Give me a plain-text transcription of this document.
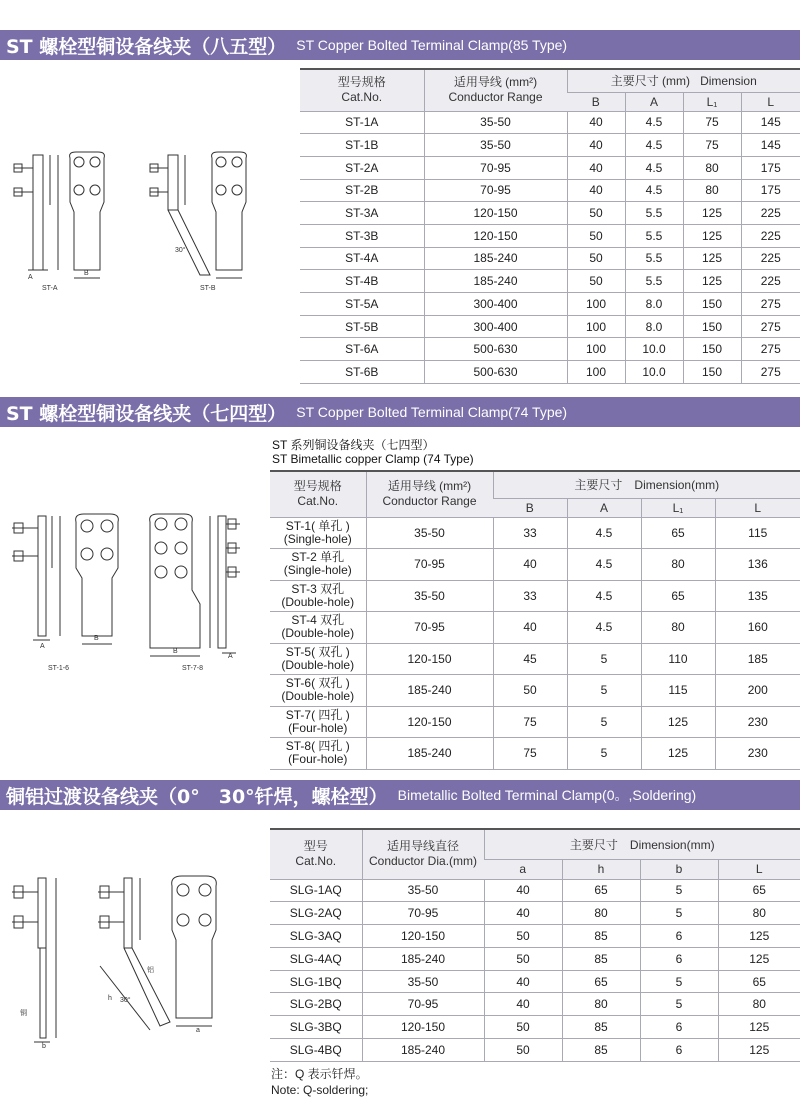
ST 螺栓型铜设备线夹（八五型） ST Copper Bolted Terminal Clamp(85 Type)
A
B
30°
ST-A	ST-B
型号规格
Cat.No.	适用导线 (mm²)
Conductor Range	主要尺寸 (mm) Dimension			
		B	A	L₁	L
ST-1A	35-50	40	4.5	75	145
ST-1B	35-50	40	4.5	75	145
ST-2A	70-95	40	4.5	80	175
ST-2B	70-95	40	4.5	80	175
ST-3A	120-150	50	5.5	125	225
ST-3B	120-150	50	5.5	125	225
ST-4A	185-240	50	5.5	125	225
ST-4B	185-240	50	5.5	125	225
ST-5A	300-400	100	8.0	150	275
ST-5B	300-400	100	8.0	150	275
ST-6A	500-630	100	10.0	150	275
ST-6B	500-630	100	10.0	150	275
ST 螺栓型铜设备线夹（七四型） ST Copper Bolted Terminal Clamp(74 Type)
ST 系列铜设备线夹（七四型）
ST Bimetallic copper Clamp (74 Type)
A
B
B
A
ST-1-6	ST-7-8
型号规格
Cat.No.	适用导线 (mm²)
Conductor Range	主要尺寸　Dimension(mm)			
		B	A	L₁	L

ST-1( 单孔 )
(Single-hole)	35-50	33	4.5	65	115

ST-2 单孔
(Single-hole)	70-95	40	4.5	80	136

ST-3 双孔
(Double-hole)	35-50	33	4.5	65	135

ST-4 双孔
(Double-hole)	70-95	40	4.5	80	160

ST-5( 双孔 )
(Double-hole)	120-150	45	5	110	185

ST-6( 双孔 )
(Double-hole)	185-240	50	5	115	200

ST-7( 四孔 )
(Four-hole)	120-150	75	5	125	230

ST-8( 四孔 )
(Four-hole)	185-240	75	5	125	230
铜铝过渡设备线夹（0°　30°钎焊，螺栓型） Bimetallic Bolted Terminal Clamp(0。,Soldering)
铜
铝
30°
b
a
h
型号
Cat.No.	适用导线直径
Conductor Dia.(mm)	主要尺寸　Dimension(mm)			
		a	h	b	L
SLG-1AQ	35-50	40	65	5	65
SLG-2AQ	70-95	40	80	5	80
SLG-3AQ	120-150	50	85	6	125
SLG-4AQ	185-240	50	85	6	125
SLG-1BQ	35-50	40	65	5	65
SLG-2BQ	70-95	40	80	5	80
SLG-3BQ	120-150	50	85	6	125
SLG-4BQ	185-240	50	85	6	125
注：Q 表示钎焊。
Note: Q-soldering;
